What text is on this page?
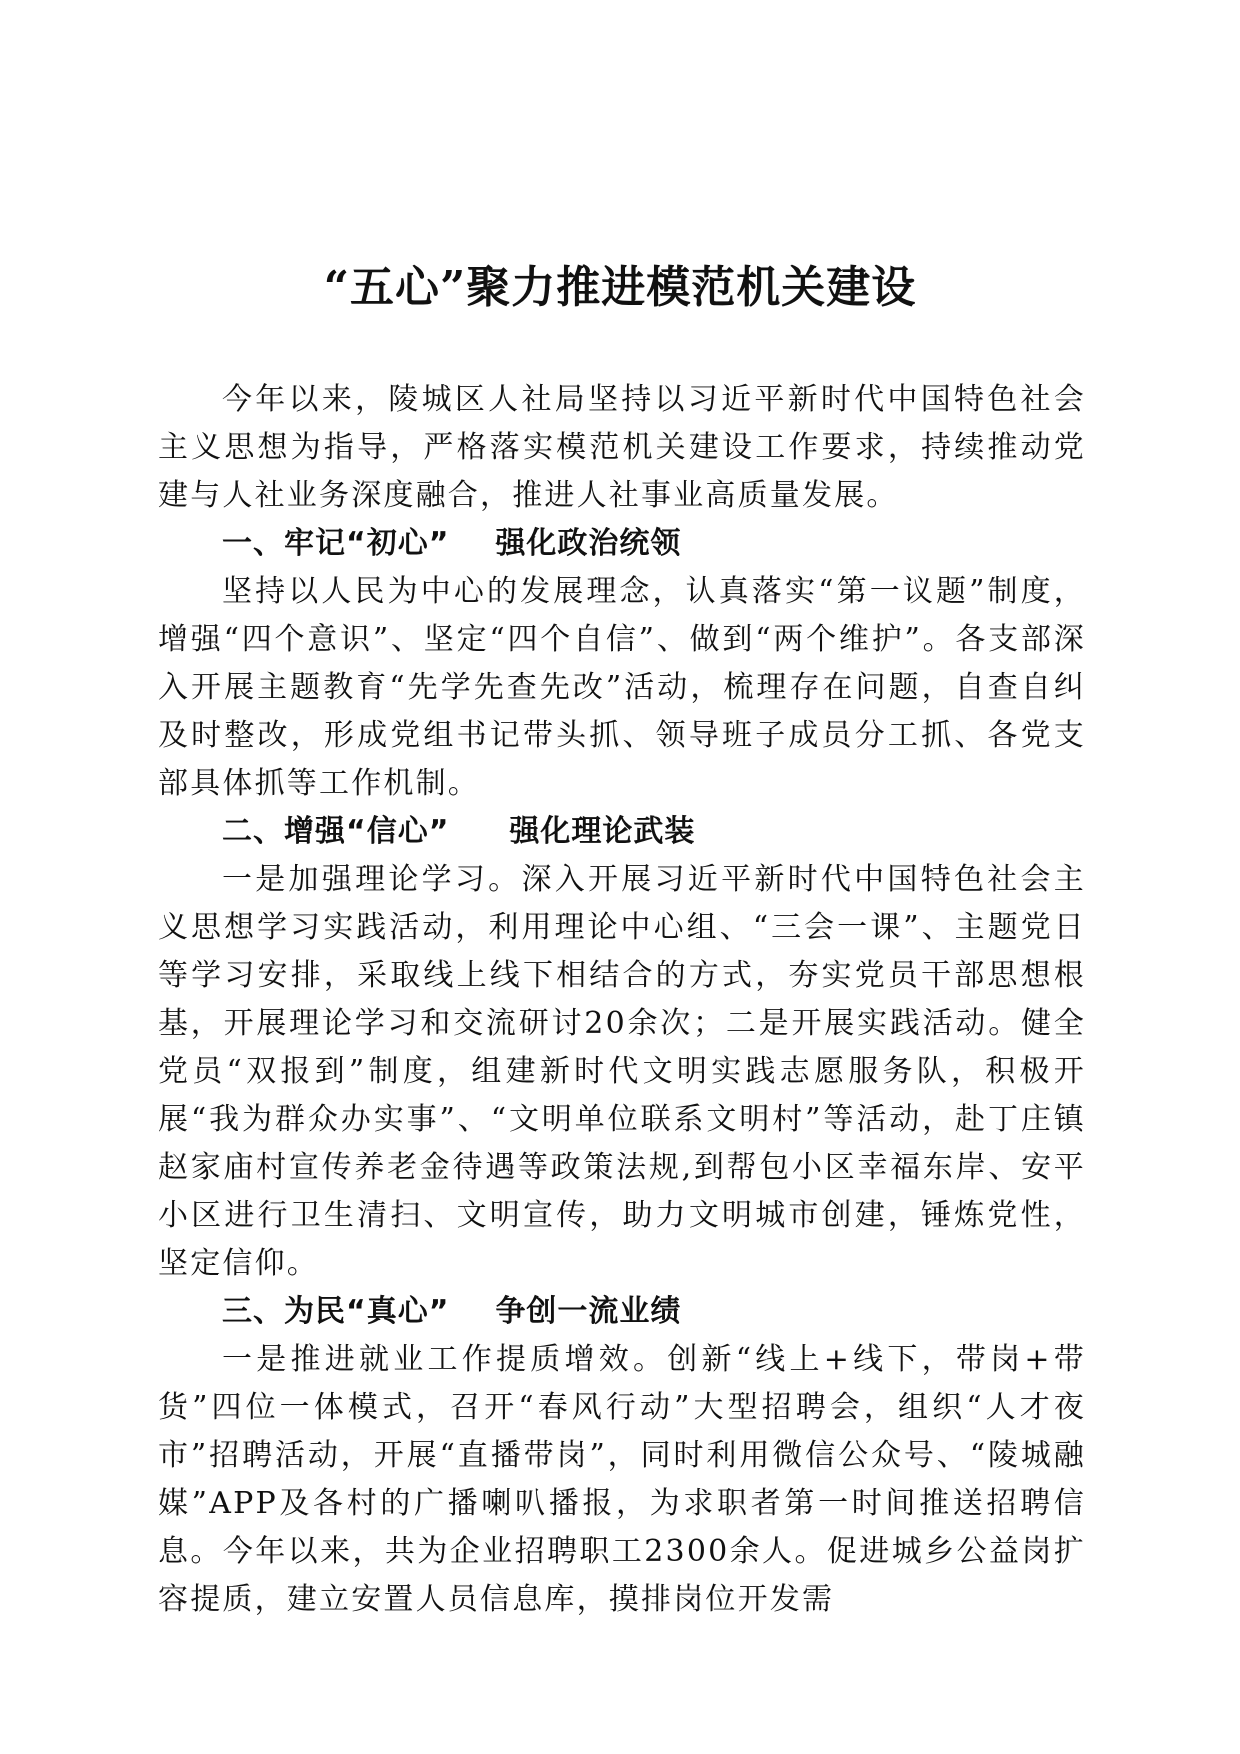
“五心”聚力推进模范机关建设

今年以来，陵城区人社局坚持以习近平新时代中国特色社会主义思想为指导，严格落实模范机关建设工作要求，持续推动党建与人社业务深度融合，推进人社事业高质量发展。

一、牢记“初心” 强化政治统领

坚持以人民为中心的发展理念，认真落实“第一议题”制度，增强“四个意识”、坚定“四个自信”、做到“两个维护”。各支部深入开展主题教育“先学先查先改”活动，梳理存在问题，自查自纠及时整改，形成党组书记带头抓、领导班子成员分工抓、各党支部具体抓等工作机制。

二、增强“信心” 强化理论武装

一是加强理论学习。深入开展习近平新时代中国特色社会主义思想学习实践活动，利用理论中心组、“三会一课”、主题党日等学习安排，采取线上线下相结合的方式，夯实党员干部思想根基，开展理论学习和交流研讨20余次；二是开展实践活动。健全党员“双报到”制度，组建新时代文明实践志愿服务队，积极开展“我为群众办实事”、“文明单位联系文明村”等活动，赴丁庄镇赵家庙村宣传养老金待遇等政策法规,到帮包小区幸福东岸、安平小区进行卫生清扫、文明宣传，助力文明城市创建，锤炼党性，坚定信仰。

三、为民“真心” 争创一流业绩

一是推进就业工作提质增效。创新“线上+线下，带岗+带货”四位一体模式，召开“春风行动”大型招聘会，组织“人才夜市”招聘活动，开展“直播带岗”，同时利用微信公众号、“陵城融媒”APP及各村的广播喇叭播报，为求职者第一时间推送招聘信息。今年以来，共为企业招聘职工2300余人。促进城乡公益岗扩容提质，建立安置人员信息库，摸排岗位开发需
